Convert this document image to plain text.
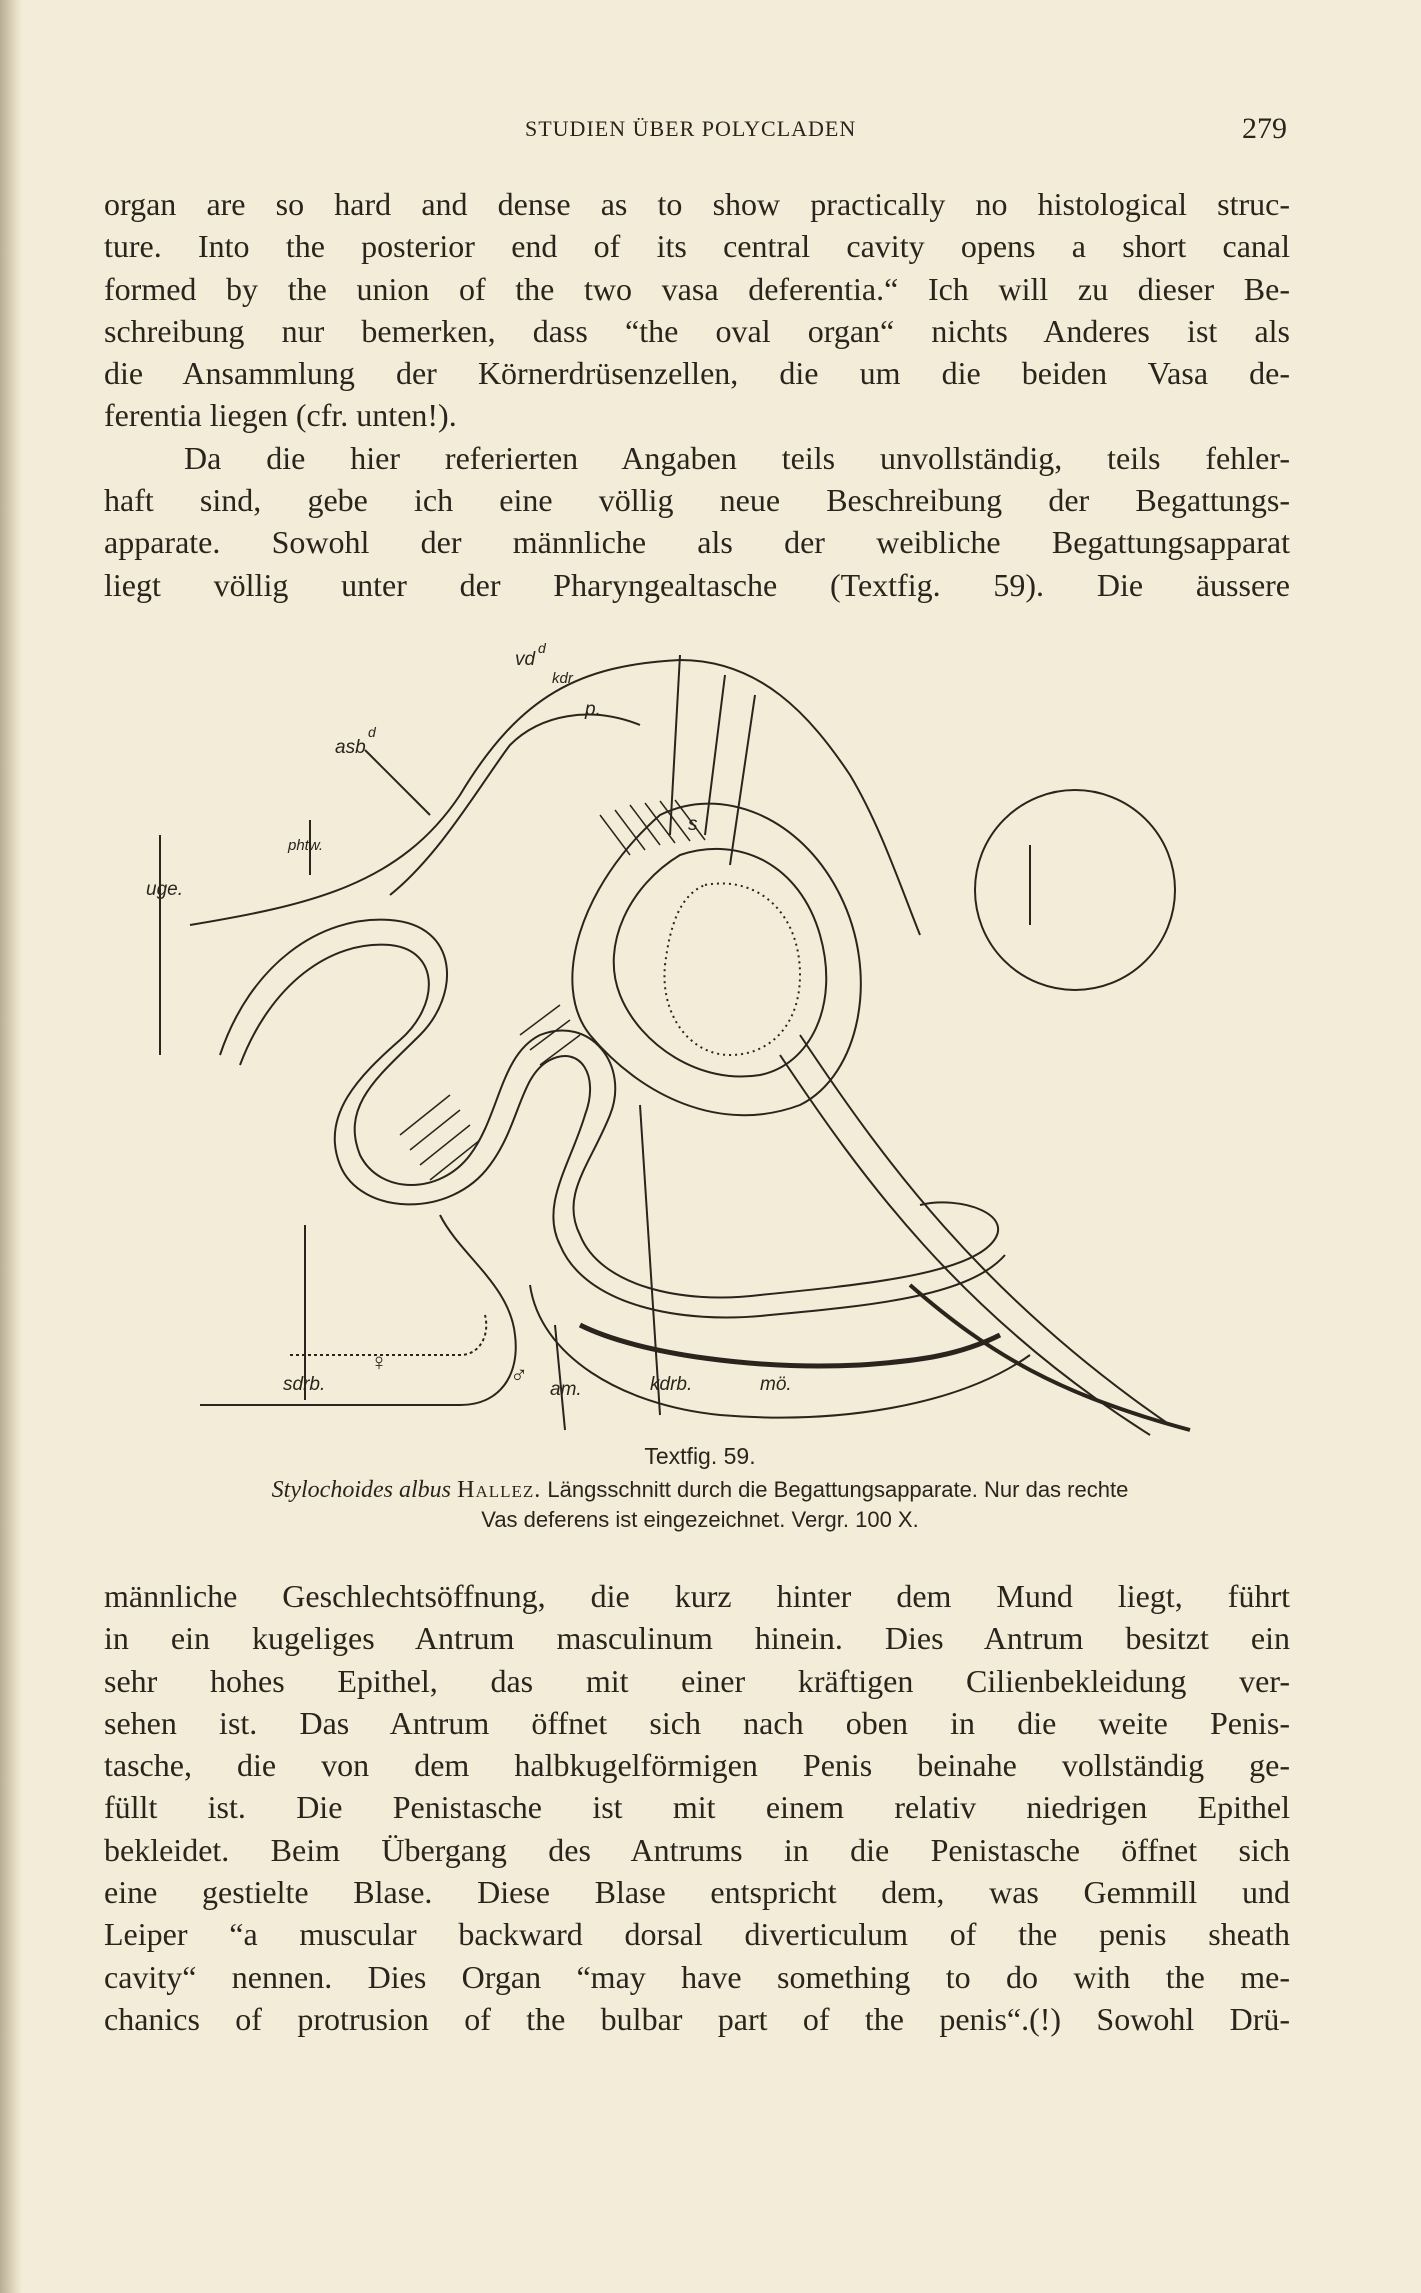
STUDIEN ÜBER POLYCLADEN	279
organ are so hard and dense as to show practically no histological struc-
ture. Into the posterior end of its central cavity opens a short canal
formed by the union of the two vasa deferentia.“ Ich will zu dieser Be-
schreibung nur bemerken, dass “the oval organ“ nichts Anderes ist als
die Ansammlung der Körnerdrüsenzellen, die um die beiden Vasa de-
ferentia liegen (cfr. unten!).
Da die hier referierten Angaben teils unvollständig, teils fehler-
haft sind, gebe ich eine völlig neue Beschreibung der Begattungs-
apparate. Sowohl der männliche als der weibliche Begattungsapparat
liegt völlig unter der Pharyngealtasche (Textfig. 59). Die äussere
vd
d
kdr.
p.
asb
d
phtw.
uge.
s
sdrb.
♀	♂
am.	kdrb.	mö.
Textfig. 59.
Stylochoides albus Hallez. Längsschnitt durch die Begattungsapparate. Nur das rechte
Vas deferens ist eingezeichnet. Vergr. 100 X.
männliche Geschlechtsöffnung, die kurz hinter dem Mund liegt, führt
in ein kugeliges Antrum masculinum hinein. Dies Antrum besitzt ein
sehr hohes Epithel, das mit einer kräftigen Cilienbekleidung ver-
sehen ist. Das Antrum öffnet sich nach oben in die weite Penis-
tasche, die von dem halbkugelförmigen Penis beinahe vollständig ge-
füllt ist. Die Penistasche ist mit einem relativ niedrigen Epithel
bekleidet. Beim Übergang des Antrums in die Penistasche öffnet sich
eine gestielte Blase. Diese Blase entspricht dem, was Gemmill und
Leiper “a muscular backward dorsal diverticulum of the penis sheath
cavity“ nennen. Dies Organ “may have something to do with the me-
chanics of protrusion of the bulbar part of the penis“.(!) Sowohl Drü-
